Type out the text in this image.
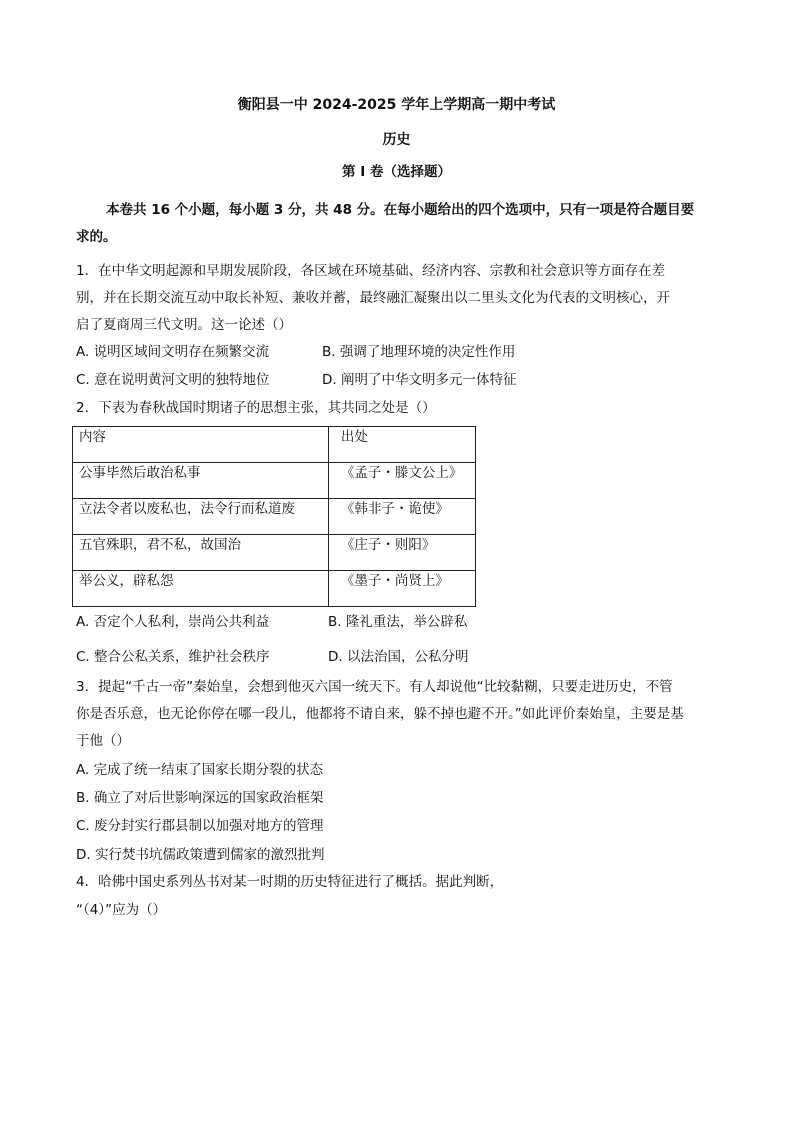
衡阳县一中 2024-2025 学年上学期高一期中考试
历史
第 I 卷（选择题）
本卷共 16 个小题，每小题 3 分，共 48 分。在每小题给出的四个选项中，只有一项是符合题目要
求的。
1．在中华文明起源和早期发展阶段，各区域在环境基础、经济内容、宗教和社会意识等方面存在差
别，并在长期交流互动中取长补短、兼收并蓄，最终融汇凝聚出以二里头文化为代表的文明核心，开
启了夏商周三代文明。这一论述（）
A. 说明区域间文明存在频繁交流	B. 强调了地理环境的决定性作用
C. 意在说明黄河文明的独特地位	D. 阐明了中华文明多元一体特征
2．下表为春秋战国时期诸子的思想主张，其共同之处是（）
内容	出处
公事毕然后敢治私事	《孟子・滕文公上》
立法令者以废私也，法令行而私道废	《韩非子・诡使》
五官殊职，君不私，故国治	《庄子・则阳》
举公义，辟私怨	《墨子・尚贤上》
A. 否定个人私利，崇尚公共利益	B. 隆礼重法，举公辟私
C. 整合公私关系，维护社会秩序	D. 以法治国，公私分明
3．提起“千古一帝”秦始皇，会想到他灭六国一统天下。有人却说他“比较黏糊，只要走进历史，不管
你是否乐意，也无论你停在哪一段儿，他都将不请自来，躲不掉也避不开。”如此评价秦始皇，主要是基
于他（）
A. 完成了统一结束了国家长期分裂的状态
B. 确立了对后世影响深远的国家政治框架
C. 废分封实行郡县制以加强对地方的管理
D. 实行焚书坑儒政策遭到儒家的激烈批判
4．哈佛中国史系列丛书对某一时期的历史特征进行了概括。据此判断，
“（4）”应为（）
